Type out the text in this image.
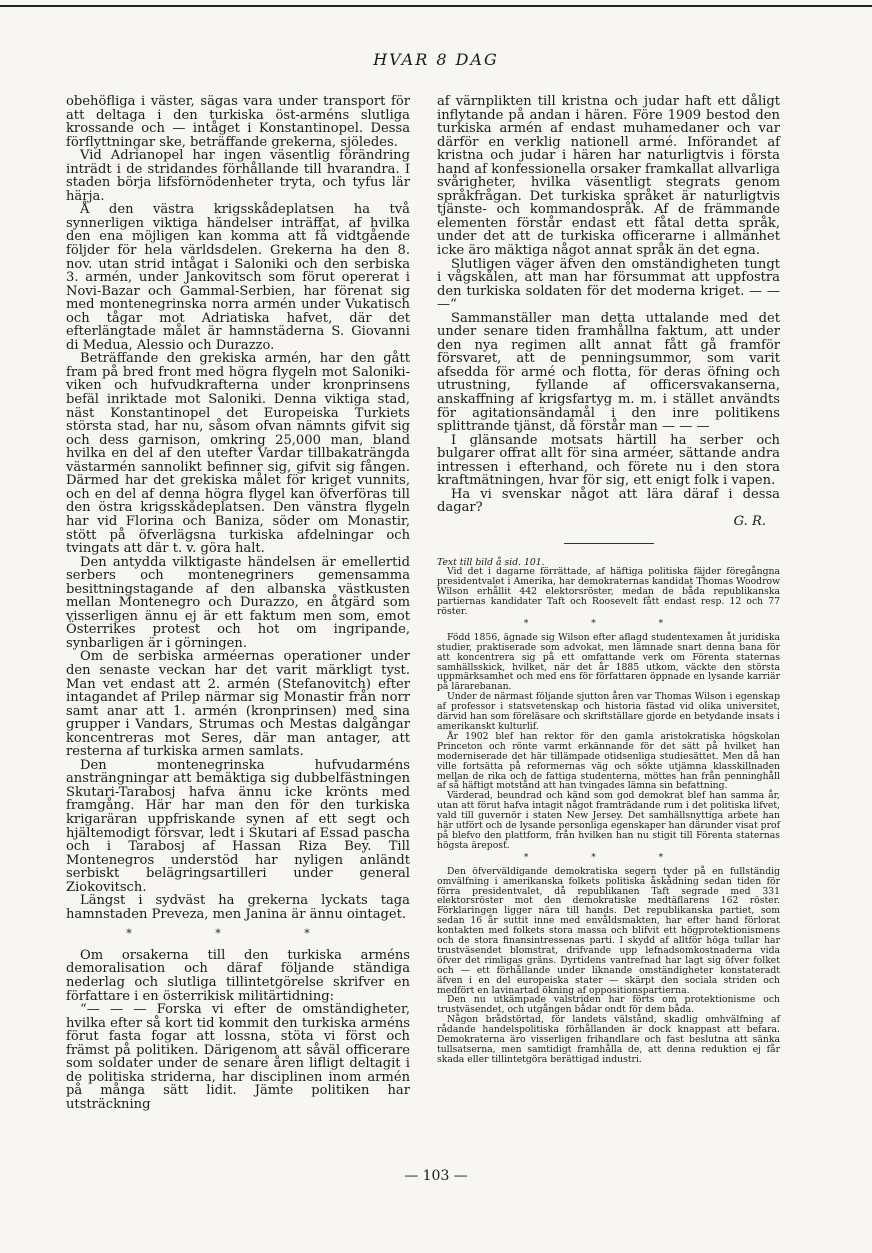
HVAR 8 DAG

obehöfliga i väster, sägas vara under transport för att deltaga i den turkiska öst-arméns slutliga krossande och — intåget i Konstantinopel. Dessa förflyttningar ske, beträffande grekerna, sjöledes.

Vid Adrianopel har ingen väsentlig förändring inträdt i de stridandes förhållande till hvarandra. I staden börja lifsförnödenheter tryta, och tyfus lär härja.

Å den västra krigsskådeplatsen ha två synnerligen viktiga händelser inträffat, af hvilka den ena möjligen kan komma att få vidtgående följder för hela världsdelen. Grekerna ha den 8. nov. utan strid intågat i Saloniki och den serbiska 3. armén, under Jankovitsch som förut opererat i Novi-Bazar och Gammal-Serbien, har förenat sig med montenegrinska norra armén under Vukatisch och tågar mot Adriatiska hafvet, där det efterlängtade målet är hamnstäderna S. Giovanni di Medua, Alessio och Durazzo.

Beträffande den grekiska armén, har den gått fram på bred front med högra flygeln mot Saloniki-viken och hufvudkrafterna under kronprinsens befäl inriktade mot Saloniki. Denna viktiga stad, näst Konstantinopel det Europeiska Turkiets största stad, har nu, såsom ofvan nämnts gifvit sig och dess garnison, omkring 25,000 man, bland hvilka en del af den utefter Vardar tillbakaträngda västarmén sannolikt befinner sig, gifvit sig fången. Därmed har det grekiska målet för kriget vunnits, och en del af denna högra flygel kan öfverföras till den östra krigsskådeplatsen. Den vänstra flygeln har vid Florina och Baniza, söder om Monastir, stött på öfverlägsna turkiska afdelningar och tvingats att där t. v. göra halt.

Den antydda vilktigaste händelsen är emellertid serbers och montenegriners gemensamma besittningstagande af den albanska västkusten mellan Montenegro och Durazzo, en åtgärd som visserligen ännu ej är ett faktum men som, emot Österrikes protest och hot om ingripande, synbarligen är i görningen.

Om de serbiska arméernas operationer under den senaste veckan har det varit märkligt tyst. Man vet endast att 2. armén (Stefanovitch) efter intagandet af Prilep närmar sig Monastir från norr samt anar att 1. armén (kronprinsen) med sina grupper i Vandars, Strumas och Mestas dalgångar koncentreras mot Seres, där man antager, att resterna af turkiska armen samlats.

Den montenegrinska hufvudarméns ansträngningar att bemäktiga sig dubbelfästningen Skutari-Tarabosj hafva ännu icke krönts med framgång. Här har man den för den turkiska krigaräran uppfriskande synen af ett segt och hjältemodigt försvar, ledt i Skutari af Essad pascha och i Tarabosj af Hassan Riza Bey. Till Montenegros understöd har nyligen anländt serbiskt belägringsartilleri under general Ziokovitsch.

Längst i sydväst ha grekerna lyckats taga hamnstaden Preveza, men Janina är ännu ointaget.

* * *

Om orsakerna till den turkiska arméns demoralisation och däraf följande ständiga nederlag och slutliga tillintetgörelse skrifver en författare i en österrikisk militärtidning:

“— — — Forska vi efter de omständigheter, hvilka efter så kort tid kommit den turkiska arméns förut fasta fogar att lossna, stöta vi först och främst på politiken. Därigenom att såväl officerare som soldater under de senare åren lifligt deltagit i de politiska striderna, har disciplinen inom armén på många sätt lidit. Jämte politiken har utsträckning

af värnplikten till kristna och judar haft ett dåligt inflytande på andan i hären. Före 1909 bestod den turkiska armén af endast muhamedaner och var därför en verklig nationell armé. Införandet af kristna och judar i hären har naturligtvis i första hand af konfessionella orsaker framkallat allvarliga svårigheter, hvilka väsentligt stegrats genom språkfrågan. Det turkiska språket är naturligtvis tjänste- och kommandospråk. Af de främmande elementen förstår endast ett fåtal detta språk, under det att de turkiska officerarne i allmänhet icke äro mäktiga något annat språk än det egna.

Slutligen väger äfven den omständigheten tungt i vågskålen, att man har försummat att uppfostra den turkiska soldaten för det moderna kriget. — — —“

Sammanställer man detta uttalande med det under senare tiden framhållna faktum, att under den nya regimen allt annat fått gå framför försvaret, att de penningsummor, som varit afsedda för armé och flotta, för deras öfning och utrustning, fyllande af officersvakanserna, anskaffning af krigsfartyg m. m. i stället användts för agitationsändamål i den inre politikens splittrande tjänst, då förstår man — — —

I glänsande motsats härtill ha serber och bulgarer offrat allt för sina arméer, sättande andra intressen i efterhand, och förete nu i den stora kraftmätningen, hvar för sig, ett enigt folk i vapen.

Ha vi svenskar något att lära däraf i dessa dagar?

G. R.

Text till bild å sid. 101.

Vid det i dagarne förrättade, af häftiga politiska fäjder föregångna presidentvalet i Amerika, har demokraternas kandidat Thomas Woodrow Wilson erhållit 442 elektorsröster, medan de båda republikanska partiernas kandidater Taft och Roosevelt fått endast resp. 12 och 77 röster.

* * *

Född 1856, ägnade sig Wilson efter aflagd studentexamen åt juridiska studier, praktiserade som advokat, men lämnade snart denna bana för att koncentrera sig på ett omfattande verk om Förenta staternas samhällsskick, hvilket, när det år 1885 utkom, väckte den största uppmärksamhet och med ens för författaren öppnade en lysande karriär på lärarebanan.

Under de närmast följande sjutton åren var Thomas Wilson i egenskap af professor i statsvetenskap och historia fästad vid olika universitet, därvid han som föreläsare och skriftställare gjorde en betydande insats i amerikanskt kulturlif.

År 1902 blef han rektor för den gamla aristokratiska högskolan Princeton och rönte varmt erkännande för det sätt på hvilket han moderniserade det här tillämpade otidsenliga studiesättet. Men då han ville fortsätta på reformernas väg och sökte utjämna klasskillnaden mellan de rika och de fattiga studenterna, möttes han från penninghåll af så häftigt motstånd att han tvingades lämna sin befattning.

Värderad, beundrad och känd som god demokrat blef han samma år, utan att förut hafva intagit något framträdande rum i det politiska lifvet, vald till guvernör i staten New Jersey. Det samhällsnyttiga arbete han här utfört och de lysande personliga egenskaper han därunder visat prof på blefvo den plattform, från hvilken han nu stigit till Förenta staternas högsta äreposť.

* * *

Den öfverväldigande demokratiska segern tyder på en fullständig omvälfning i amerikanska folkets politiska åskådning sedan tiden för förra presidentvalet, då republikanen Taft segrade med 331 elektorsröster mot den demokratiske medtäflarens 162 röster. Förklaringen ligger nära till hands. Det republikanska partiet, som sedan 16 år suttit inne med envåldsmakten, har efter hand förlorat kontakten med folkets stora massa och blifvit ett högprotektionismens och de stora finansintressenas parti. I skydd af alltför höga tullar har trustväsendet blomstrat, drifvande upp lefnadsomkostnaderna vida öfver det rimligas gräns. Dyrtidens vantrefnad har lagt sig öfver folket och — ett förhållande under liknande omständigheter konstateradt äfven i en del europeiska stater — skärpt den sociala striden och medfört en lavinartad ökning af oppositionspartierna.

Den nu utkämpade valstriden har förts om protektionisme och trustväsendet, och utgången bådar ondt för dem båda.

Någon brådstörtad, för landets välstånd, skadlig omhvälfning af rådande handelspolitiska förhållanden är dock knappast att befara. Demokraterna äro visserligen frihandlare och fast beslutna att sänka tullsatserna, men samtidigt framhålla de, att denna reduktion ej får skada eller tillintetgöra berättigad industri.

— 103 —
